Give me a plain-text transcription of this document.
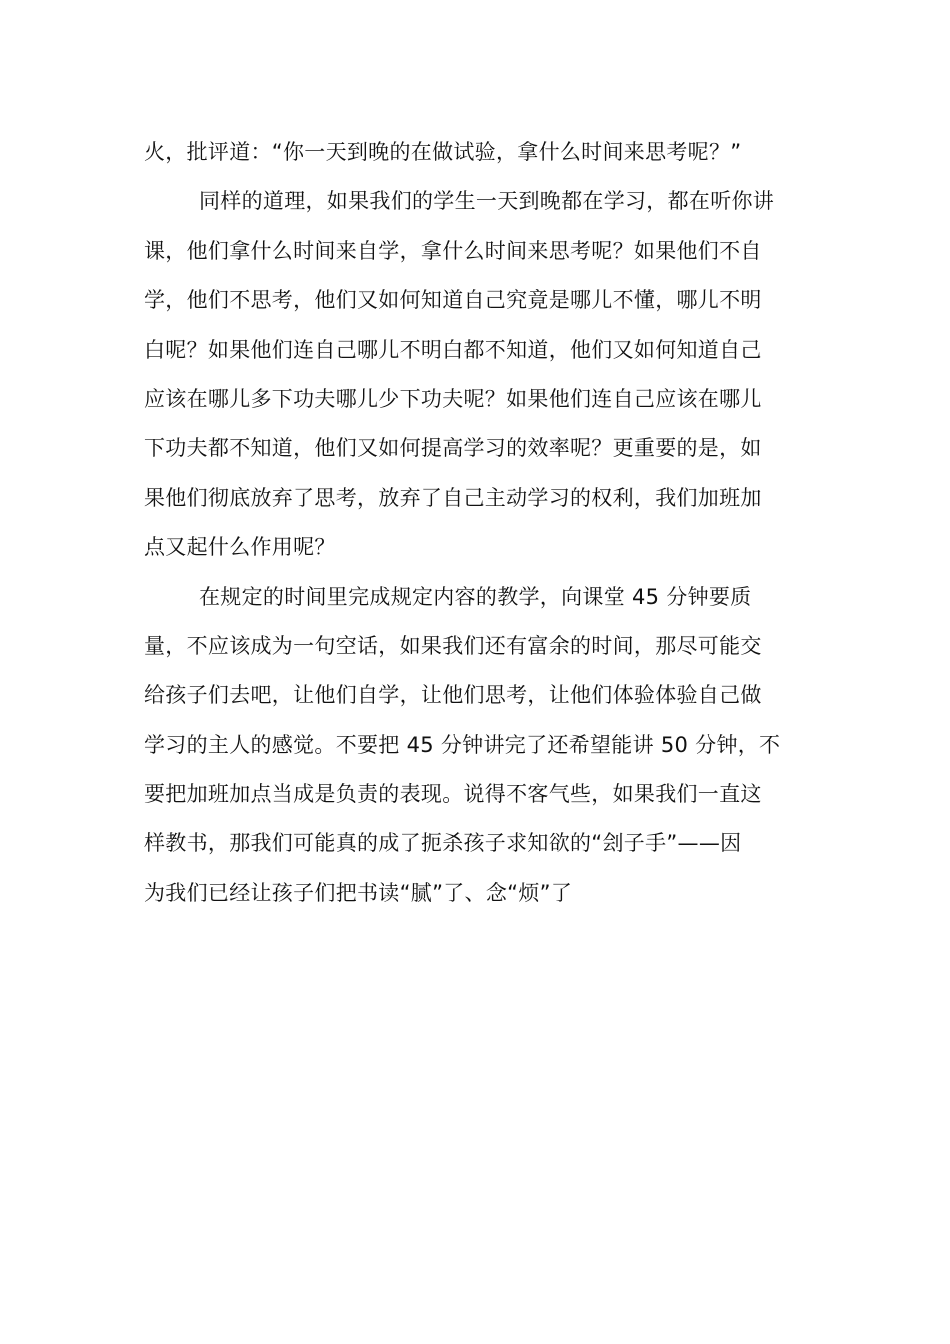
火，批评道：“你一天到晚的在做试验，拿什么时间来思考呢？”
同样的道理，如果我们的学生一天到晚都在学习，都在听你讲
课，他们拿什么时间来自学，拿什么时间来思考呢？如果他们不自
学，他们不思考，他们又如何知道自己究竟是哪儿不懂，哪儿不明
白呢？如果他们连自己哪儿不明白都不知道，他们又如何知道自己
应该在哪儿多下功夫哪儿少下功夫呢？如果他们连自己应该在哪儿
下功夫都不知道，他们又如何提高学习的效率呢？更重要的是，如
果他们彻底放弃了思考，放弃了自己主动学习的权利，我们加班加
点又起什么作用呢？
在规定的时间里完成规定内容的教学，向课堂 45 分钟要质
量，不应该成为一句空话，如果我们还有富余的时间，那尽可能交
给孩子们去吧，让他们自学，让他们思考，让他们体验体验自己做
学习的主人的感觉。不要把 45 分钟讲完了还希望能讲 50 分钟，不
要把加班加点当成是负责的表现。说得不客气些，如果我们一直这
样教书，那我们可能真的成了扼杀孩子求知欲的“刽子手”——因
为我们已经让孩子们把书读“腻”了、念“烦”了
